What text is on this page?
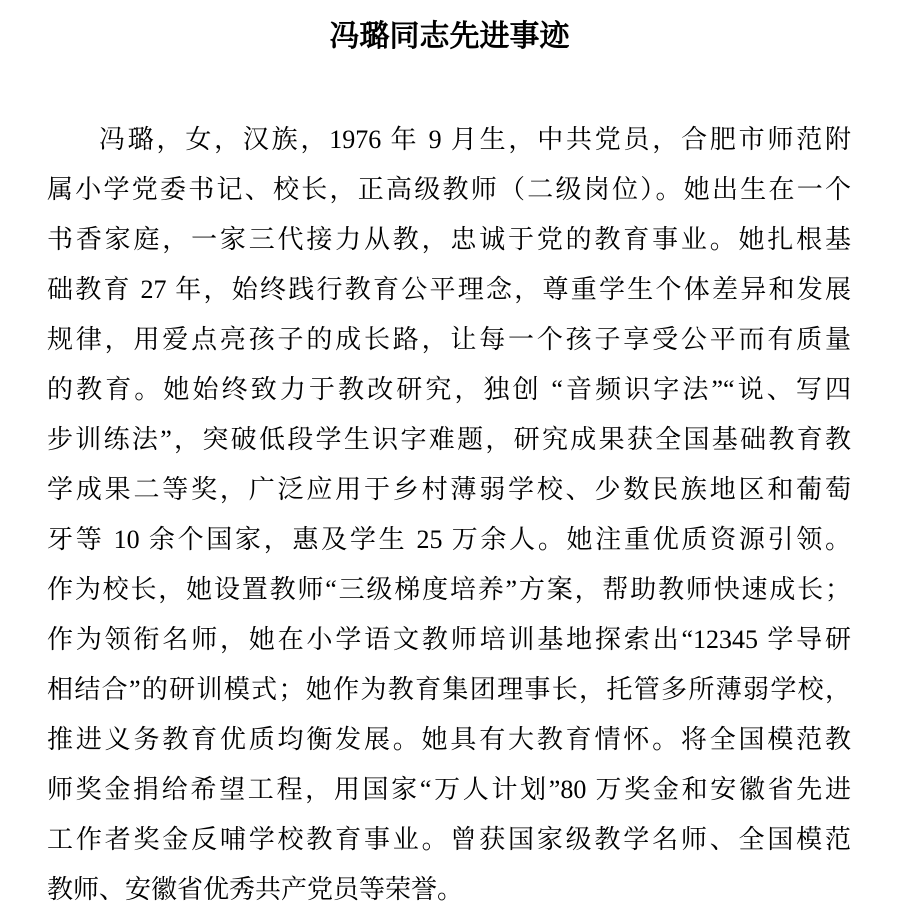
冯璐同志先进事迹
冯璐，女，汉族，1976 年 9 月生，中共党员，合肥市师范附
属小学党委书记、校长，正高级教师（二级岗位）。她出生在一个
书香家庭，一家三代接力从教，忠诚于党的教育事业。她扎根基
础教育 27 年，始终践行教育公平理念，尊重学生个体差异和发展
规律，用爱点亮孩子的成长路，让每一个孩子享受公平而有质量
的教育。她始终致力于教改研究，独创 “音频识字法”“说、写四
步训练法”，突破低段学生识字难题，研究成果获全国基础教育教
学成果二等奖，广泛应用于乡村薄弱学校、少数民族地区和葡萄
牙等 10 余个国家，惠及学生 25 万余人。她注重优质资源引领。
作为校长，她设置教师“三级梯度培养”方案，帮助教师快速成长；
作为领衔名师，她在小学语文教师培训基地探索出“12345 学导研
相结合”的研训模式；她作为教育集团理事长，托管多所薄弱学校，
推进义务教育优质均衡发展。她具有大教育情怀。将全国模范教
师奖金捐给希望工程，用国家“万人计划”80 万奖金和安徽省先进
工作者奖金反哺学校教育事业。曾获国家级教学名师、全国模范
教师、安徽省优秀共产党员等荣誉。
